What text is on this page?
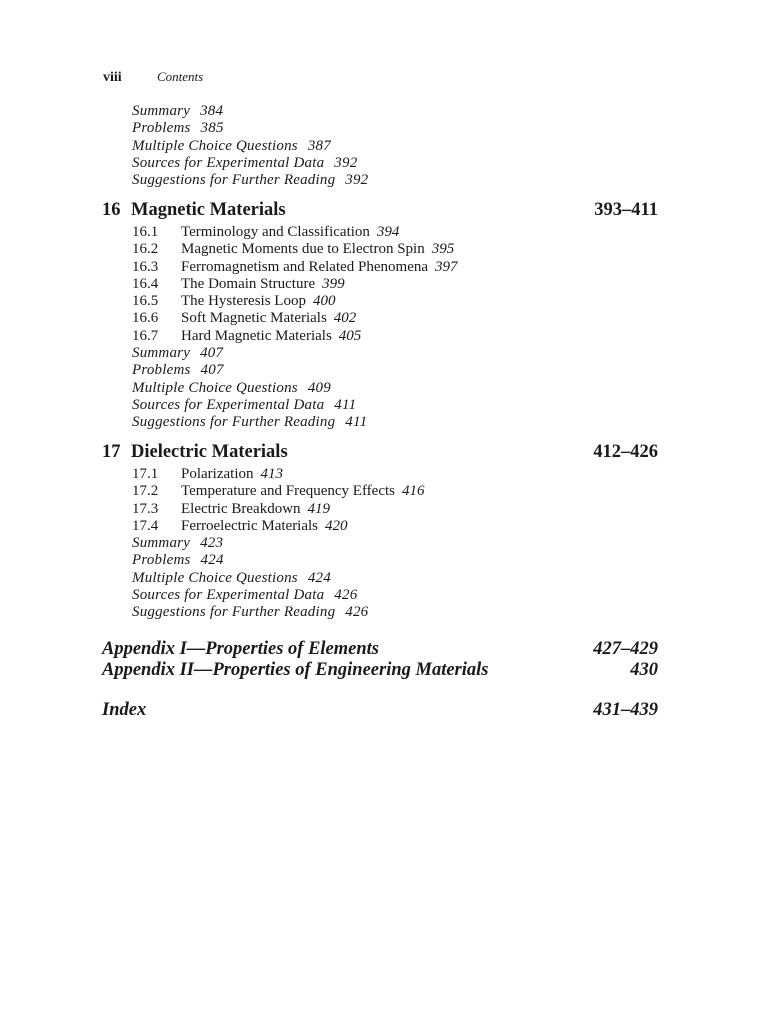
viii	Contents
Summary 384
Problems 385
Multiple Choice Questions 387
Sources for Experimental Data 392
Suggestions for Further Reading 392
16 Magnetic Materials	393–411
16.1 Terminology and Classification 394
16.2 Magnetic Moments due to Electron Spin 395
16.3 Ferromagnetism and Related Phenomena 397
16.4 The Domain Structure 399
16.5 The Hysteresis Loop 400
16.6 Soft Magnetic Materials 402
16.7 Hard Magnetic Materials 405
Summary 407
Problems 407
Multiple Choice Questions 409
Sources for Experimental Data 411
Suggestions for Further Reading 411
17 Dielectric Materials	412–426
17.1 Polarization 413
17.2 Temperature and Frequency Effects 416
17.3 Electric Breakdown 419
17.4 Ferroelectric Materials 420
Summary 423
Problems 424
Multiple Choice Questions 424
Sources for Experimental Data 426
Suggestions for Further Reading 426
Appendix I—Properties of Elements	427–429
Appendix II—Properties of Engineering Materials	430
Index	431–439
